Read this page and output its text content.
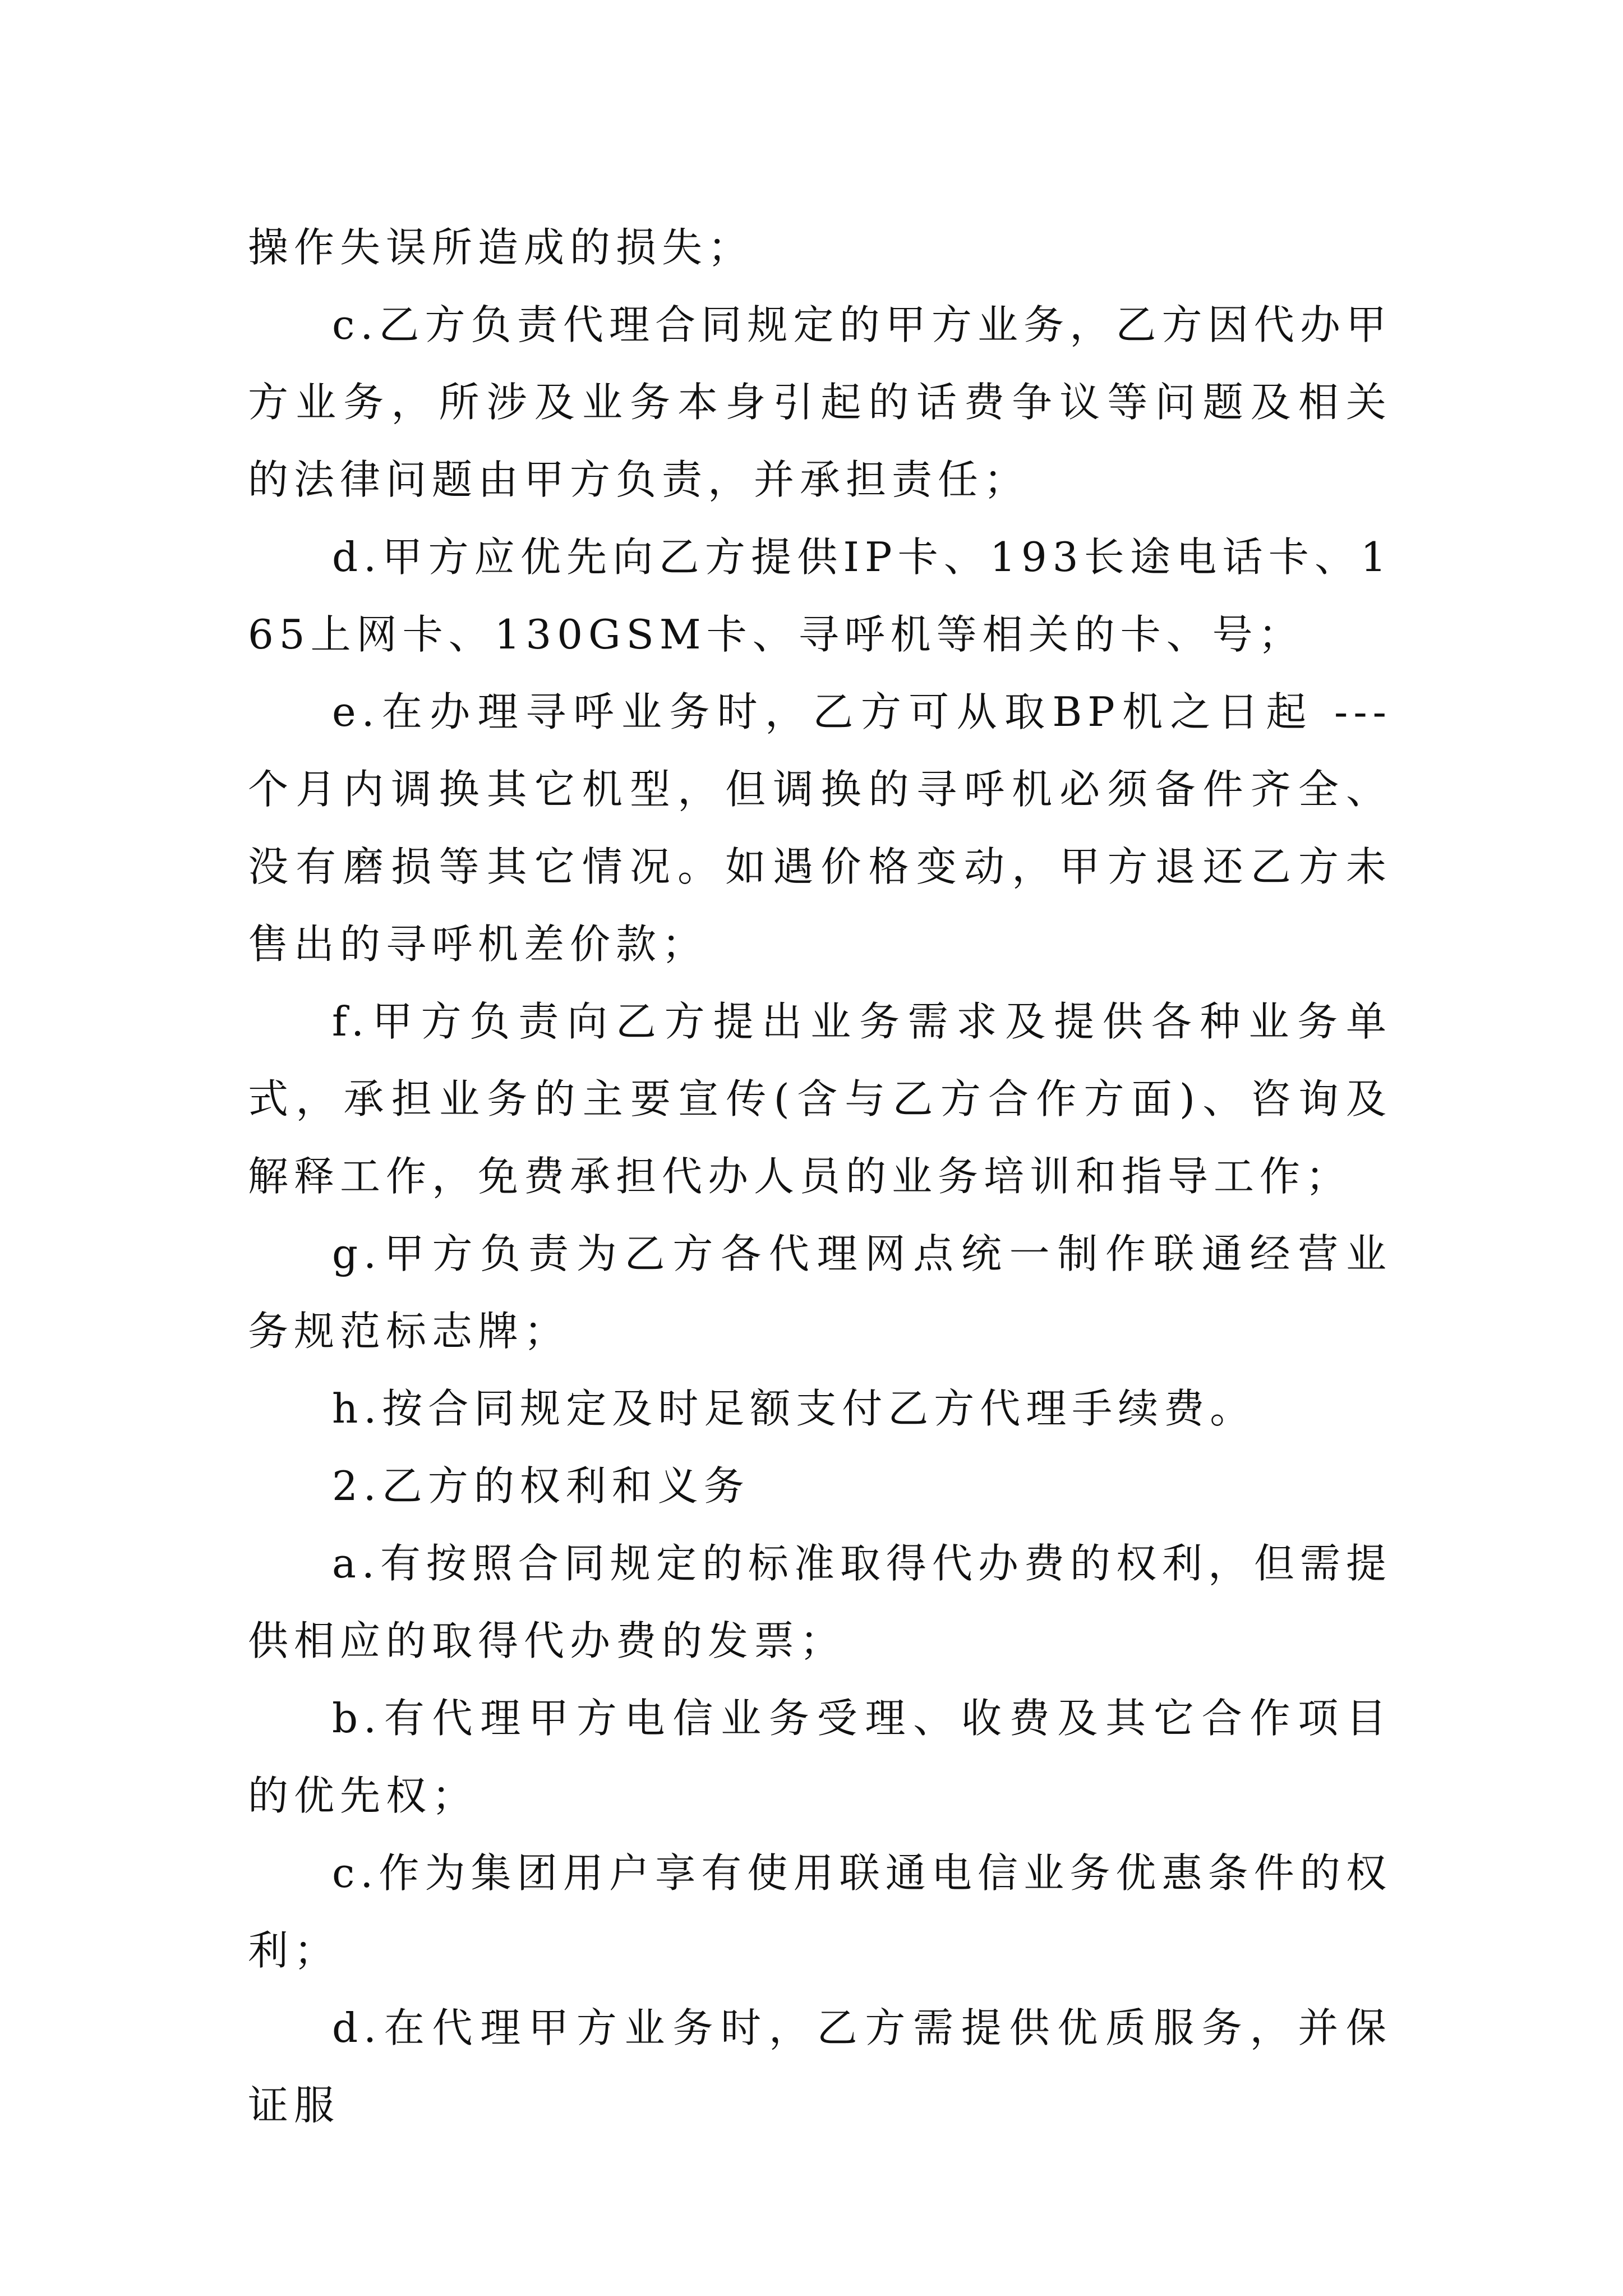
操作失误所造成的损失；

c.乙方负责代理合同规定的甲方业务，乙方因代办甲方业务，所涉及业务本身引起的话费争议等问题及相关的法律问题由甲方负责，并承担责任；

d.甲方应优先向乙方提供IP卡、193长途电话卡、165上网卡、130GSM卡、寻呼机等相关的卡、号；

e.在办理寻呼业务时，乙方可从取BP机之日起 ---个月内调换其它机型，但调换的寻呼机必须备件齐全、没有磨损等其它情况。如遇价格变动，甲方退还乙方未售出的寻呼机差价款；

f.甲方负责向乙方提出业务需求及提供各种业务单式，承担业务的主要宣传(含与乙方合作方面)、咨询及解释工作，免费承担代办人员的业务培训和指导工作；

g.甲方负责为乙方各代理网点统一制作联通经营业务规范标志牌；

h.按合同规定及时足额支付乙方代理手续费。

2.乙方的权利和义务

a.有按照合同规定的标准取得代办费的权利，但需提供相应的取得代办费的发票；

b.有代理甲方电信业务受理、收费及其它合作项目的优先权；

c.作为集团用户享有使用联通电信业务优惠条件的权利；

d.在代理甲方业务时，乙方需提供优质服务，并保证服
